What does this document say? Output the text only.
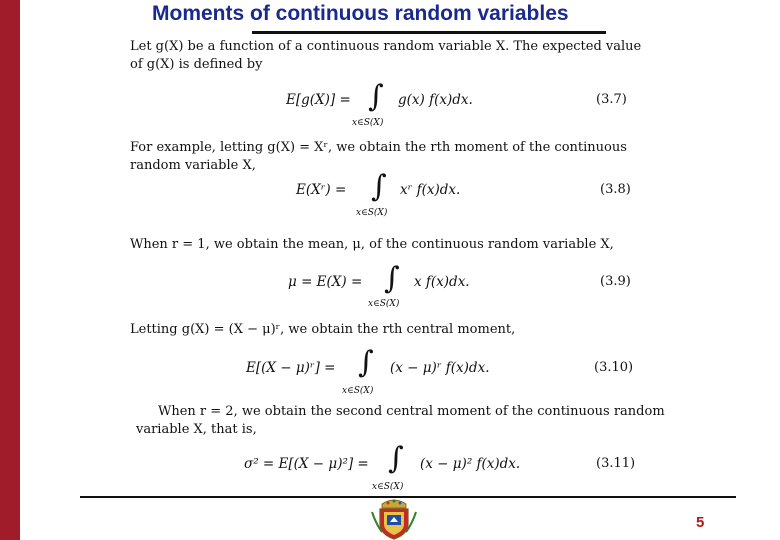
Moments of continuous random variables
Let g(X) be a function of a continuous random variable X. The expected value
of g(X) is defined by
E[g(X)] = ∫
x∈S(X)
g(x) f(x)dx.	(3.7)
For example, letting g(X) = Xʳ, we obtain the rth moment of the continuous
random variable X,
E(Xʳ) = ∫
x∈S(X)
xʳ f(x)dx.	(3.8)
When r = 1, we obtain the mean, μ, of the continuous random variable X,
μ = E(X) = ∫
x∈S(X)
x f(x)dx.	(3.9)
Letting g(X) = (X − μ)ʳ, we obtain the rth central moment,
E[(X − μ)ʳ] = ∫
x∈S(X)
(x − μ)ʳ f(x)dx.	(3.10)
When r = 2, we obtain the second central moment of the continuous random
variable X, that is,
σ² = E[(X − μ)²] = ∫
x∈S(X)
(x − μ)² f(x)dx.	(3.11)
5
